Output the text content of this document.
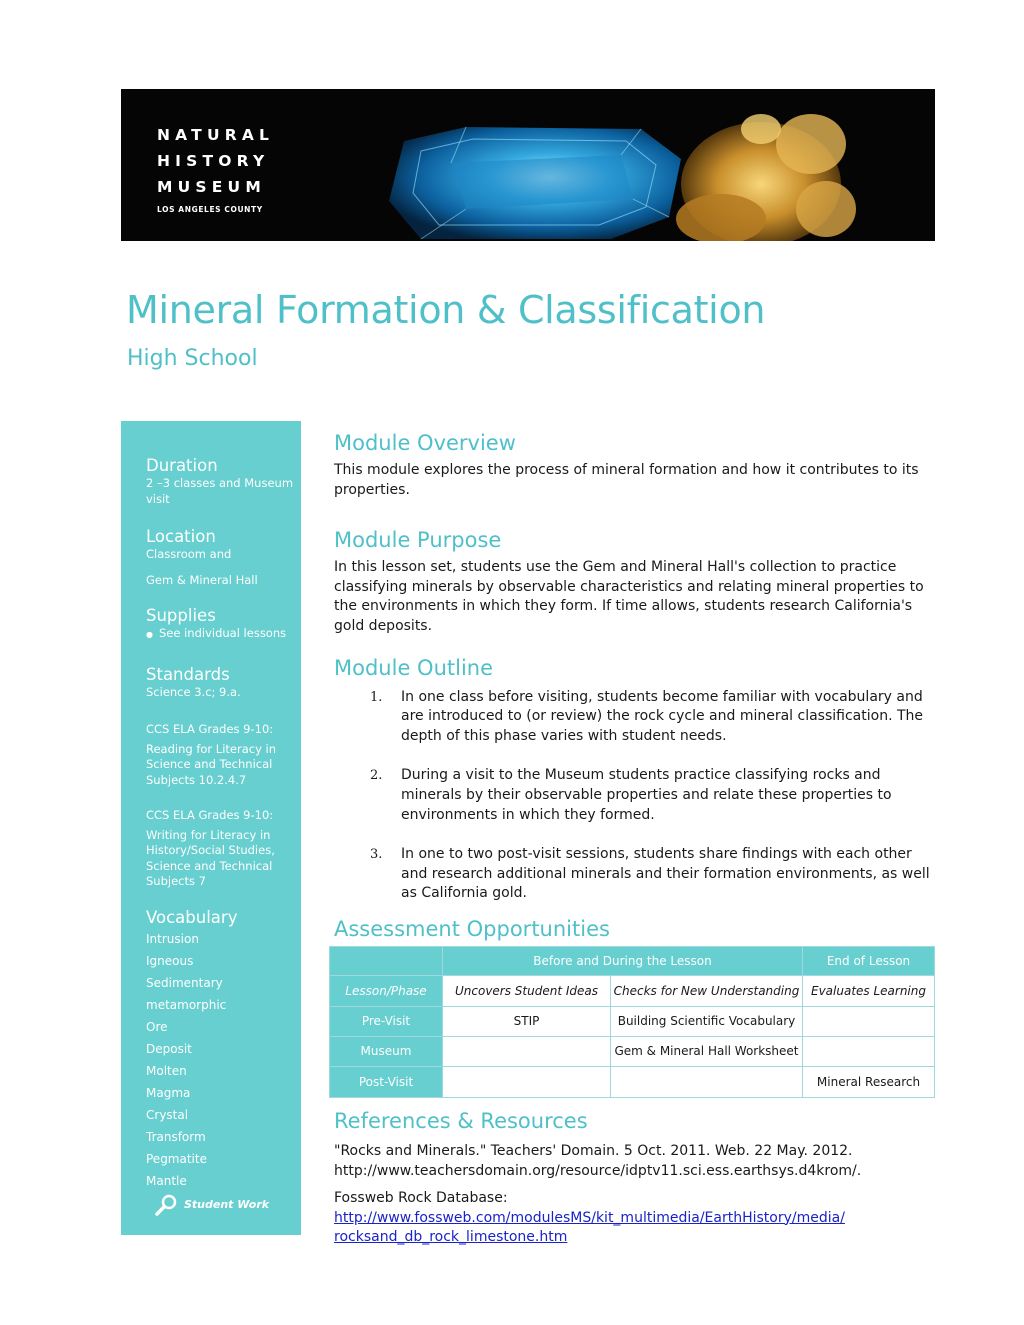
NATURAL
HISTORY
MUSEUM
LOS ANGELES COUNTY
Mineral Formation & Classification
High School
Duration
2 –3 classes and Museum visit
Location
Classroom and
Gem & Mineral Hall
Supplies
● See individual lessons
Standards
Science 3.c; 9.a.
CCS ELA Grades 9-10:
Reading for Literacy in Science and Technical Subjects 10.2.4.7
CCS ELA Grades 9-10:
Writing for Literacy in History/Social Studies, Science and Technical Subjects 7
Vocabulary
Intrusion
Igneous
Sedimentary
metamorphic
Ore
Deposit
Molten
Magma
Crystal
Transform
Pegmatite
Mantle
Student Work
Module Overview

This module explores the process of mineral formation and how it contributes to its properties.

Module Purpose

In this lesson set, students use the Gem and Mineral Hall's collection to practice classifying minerals by observable characteristics and relating mineral properties to the environments in which they form. If time allows, students research California's gold deposits.

Module Outline
1. In one class before visiting, students become familiar with vocabulary and are introduced to (or review) the rock cycle and mineral classification. The depth of this phase varies with student needs.
2. During a visit to the Museum students practice classifying rocks and minerals by their observable properties and relate these properties to environments in which they formed.
3. In one to two post-visit sessions, students share findings with each other and research additional minerals and their formation environments, as well as California gold.
Assessment Opportunities
	Before and During the Lesson		End of Lesson
Lesson/Phase	Uncovers Student Ideas	Checks for New Understanding	Evaluates Learning
Pre-Visit	STIP	Building Scientific Vocabulary	
Museum		Gem & Mineral Hall Worksheet	
Post-Visit			Mineral Research
References & Resources

"Rocks and Minerals." Teachers' Domain. 5 Oct. 2011. Web. 22 May. 2012.

http://www.teachersdomain.org/resource/idptv11.sci.ess.earthsys.d4krom/.

Fossweb Rock Database:

http://www.fossweb.com/modulesMS/kit_multimedia/EarthHistory/media/
rocksand_db_rock_limestone.htm
